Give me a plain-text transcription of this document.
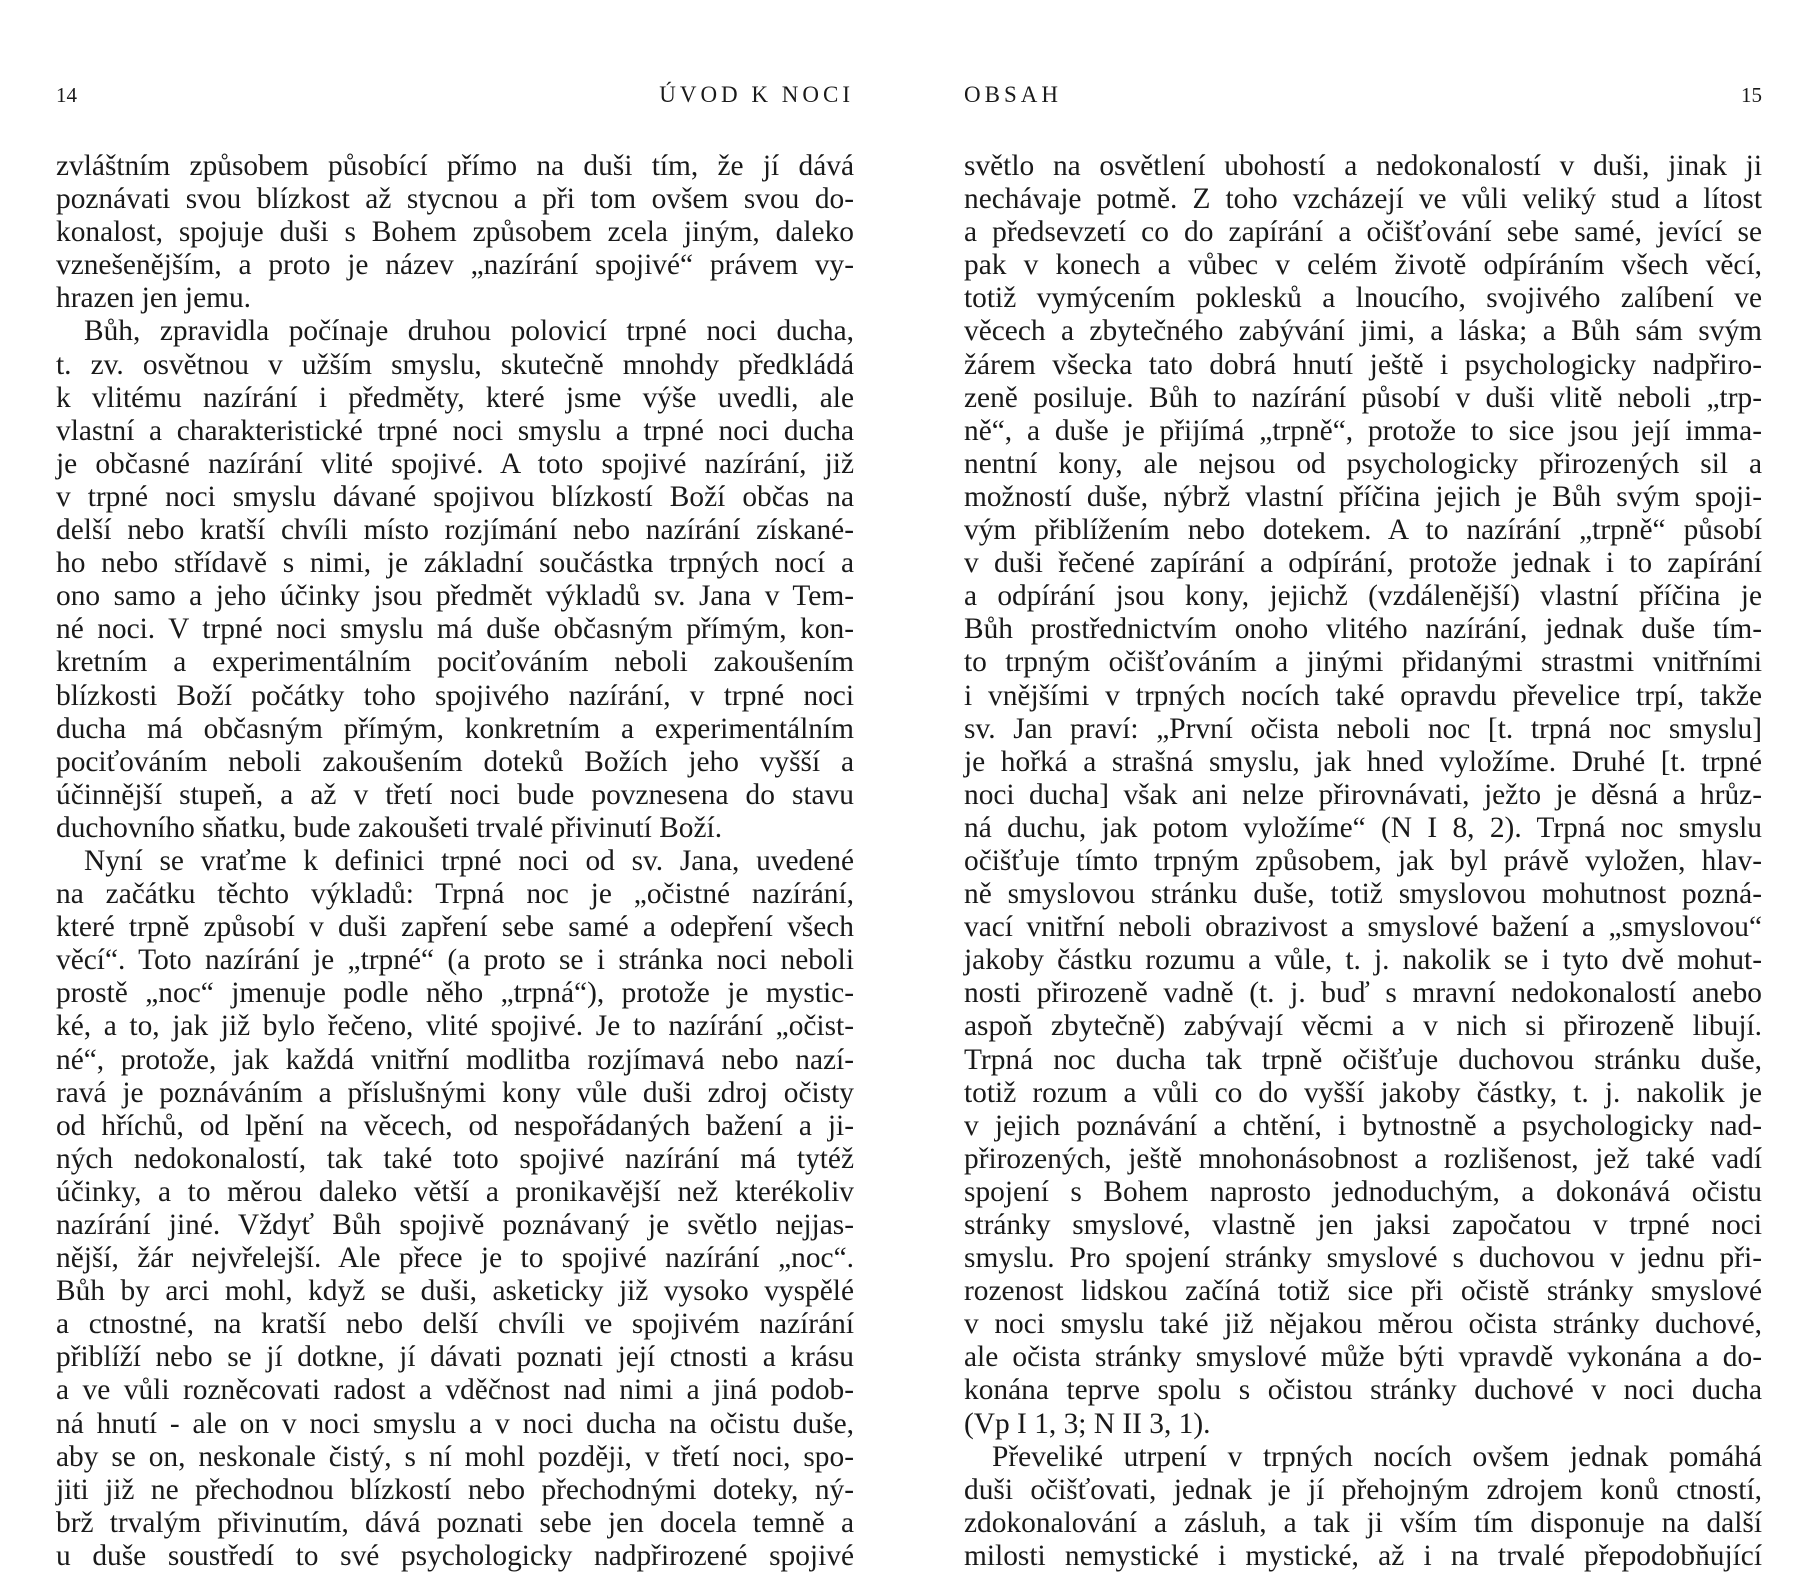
14	ÚVOD K NOCI
zvláštním způsobem působící přímo na duši tím, že jí dává
poznávati svou blízkost až stycnou a při tom ovšem svou do-
konalost, spojuje duši s Bohem způsobem zcela jiným, daleko
vznešenějším, a proto je název „nazírání spojivé“ právem vy-
hrazen jen jemu.
Bůh, zpravidla počínaje druhou polovicí trpné noci ducha,
t. zv. osvětnou v užším smyslu, skutečně mnohdy předkládá
k vlitému nazírání i předměty, které jsme výše uvedli, ale
vlastní a charakteristické trpné noci smyslu a trpné noci ducha
je občasné nazírání vlité spojivé. A toto spojivé nazírání, již
v trpné noci smyslu dávané spojivou blízkostí Boží občas na
delší nebo kratší chvíli místo rozjímání nebo nazírání získané-
ho nebo střídavě s nimi, je základní součástka trpných nocí a
ono samo a jeho účinky jsou předmět výkladů sv. Jana v Tem-
né noci. V trpné noci smyslu má duše občasným přímým, kon-
kretním a experimentálním pociťováním neboli zakoušením
blízkosti Boží počátky toho spojivého nazírání, v trpné noci
ducha má občasným přímým, konkretním a experimentálním
pociťováním neboli zakoušením doteků Božích jeho vyšší a
účinnější stupeň, a až v třetí noci bude povznesena do stavu
duchovního sňatku, bude zakoušeti trvalé přivinutí Boží.
Nyní se vraťme k definici trpné noci od sv. Jana, uvedené
na začátku těchto výkladů: Trpná noc je „očistné nazírání,
které trpně způsobí v duši zapření sebe samé a odepření všech
věcí“. Toto nazírání je „trpné“ (a proto se i stránka noci neboli
prostě „noc“ jmenuje podle něho „trpná“), protože je mystic-
ké, a to, jak již bylo řečeno, vlité spojivé. Je to nazírání „očist-
né“, protože, jak každá vnitřní modlitba rozjímavá nebo nazí-
ravá je poznáváním a příslušnými kony vůle duši zdroj očisty
od hříchů, od lpění na věcech, od nespořádaných bažení a ji-
ných nedokonalostí, tak také toto spojivé nazírání má tytéž
účinky, a to měrou daleko větší a pronikavější než kterékoliv
nazírání jiné. Vždyť Bůh spojivě poznávaný je světlo nejjas-
nější, žár nejvřelejší. Ale přece je to spojivé nazírání „noc“.
Bůh by arci mohl, když se duši, asketicky již vysoko vyspělé
a ctnostné, na kratší nebo delší chvíli ve spojivém nazírání
přiblíží nebo se jí dotkne, jí dávati poznati její ctnosti a krásu
a ve vůli rozněcovati radost a vděčnost nad nimi a jiná podob-
ná hnutí - ale on v noci smyslu a v noci ducha na očistu duše,
aby se on, neskonale čistý, s ní mohl později, v třetí noci, spo-
jiti již ne přechodnou blízkostí nebo přechodnými doteky, ný-
brž trvalým přivinutím, dává poznati sebe jen docela temně a
u duše soustředí to své psychologicky nadpřirozené spojivé
OBSAH	15
světlo na osvětlení ubohostí a nedokonalostí v duši, jinak ji
nechávaje potmě. Z toho vzcházejí ve vůli veliký stud a lítost
a předsevzetí co do zapírání a očišťování sebe samé, jevící se
pak v konech a vůbec v celém životě odpíráním všech věcí,
totiž vymýcením poklesků a lnoucího, svojivého zalíbení ve
věcech a zbytečného zabývání jimi, a láska; a Bůh sám svým
žárem všecka tato dobrá hnutí ještě i psychologicky nadpřiro-
zeně posiluje. Bůh to nazírání působí v duši vlitě neboli „trp-
ně“, a duše je přijímá „trpně“, protože to sice jsou její imma-
nentní kony, ale nejsou od psychologicky přirozených sil a
možností duše, nýbrž vlastní příčina jejich je Bůh svým spoji-
vým přiblížením nebo dotekem. A to nazírání „trpně“ působí
v duši řečené zapírání a odpírání, protože jednak i to zapírání
a odpírání jsou kony, jejichž (vzdálenější) vlastní příčina je
Bůh prostřednictvím onoho vlitého nazírání, jednak duše tím-
to trpným očišťováním a jinými přidanými strastmi vnitřními
i vnějšími v trpných nocích také opravdu převelice trpí, takže
sv. Jan praví: „První očista neboli noc [t. trpná noc smyslu]
je hořká a strašná smyslu, jak hned vyložíme. Druhé [t. trpné
noci ducha] však ani nelze přirovnávati, ježto je děsná a hrůz-
ná duchu, jak potom vyložíme“ (N I 8, 2). Trpná noc smyslu
očišťuje tímto trpným způsobem, jak byl právě vyložen, hlav-
ně smyslovou stránku duše, totiž smyslovou mohutnost pozná-
vací vnitřní neboli obrazivost a smyslové bažení a „smyslovou“
jakoby částku rozumu a vůle, t. j. nakolik se i tyto dvě mohut-
nosti přirozeně vadně (t. j. buď s mravní nedokonalostí anebo
aspoň zbytečně) zabývají věcmi a v nich si přirozeně libují.
Trpná noc ducha tak trpně očišťuje duchovou stránku duše,
totiž rozum a vůli co do vyšší jakoby částky, t. j. nakolik je
v jejich poznávání a chtění, i bytnostně a psychologicky nad-
přirozených, ještě mnohonásobnost a rozlišenost, jež také vadí
spojení s Bohem naprosto jednoduchým, a dokonává očistu
stránky smyslové, vlastně jen jaksi započatou v trpné noci
smyslu. Pro spojení stránky smyslové s duchovou v jednu při-
rozenost lidskou začíná totiž sice při očistě stránky smyslové
v noci smyslu také již nějakou měrou očista stránky duchové,
ale očista stránky smyslové může býti vpravdě vykonána a do-
konána teprve spolu s očistou stránky duchové v noci ducha
(Vp I 1, 3; N II 3, 1).
Převeliké utrpení v trpných nocích ovšem jednak pomáhá
duši očišťovati, jednak je jí přehojným zdrojem konů ctností,
zdokonalování a zásluh, a tak ji vším tím disponuje na další
milosti nemystické i mystické, až i na trvalé přepodobňující
